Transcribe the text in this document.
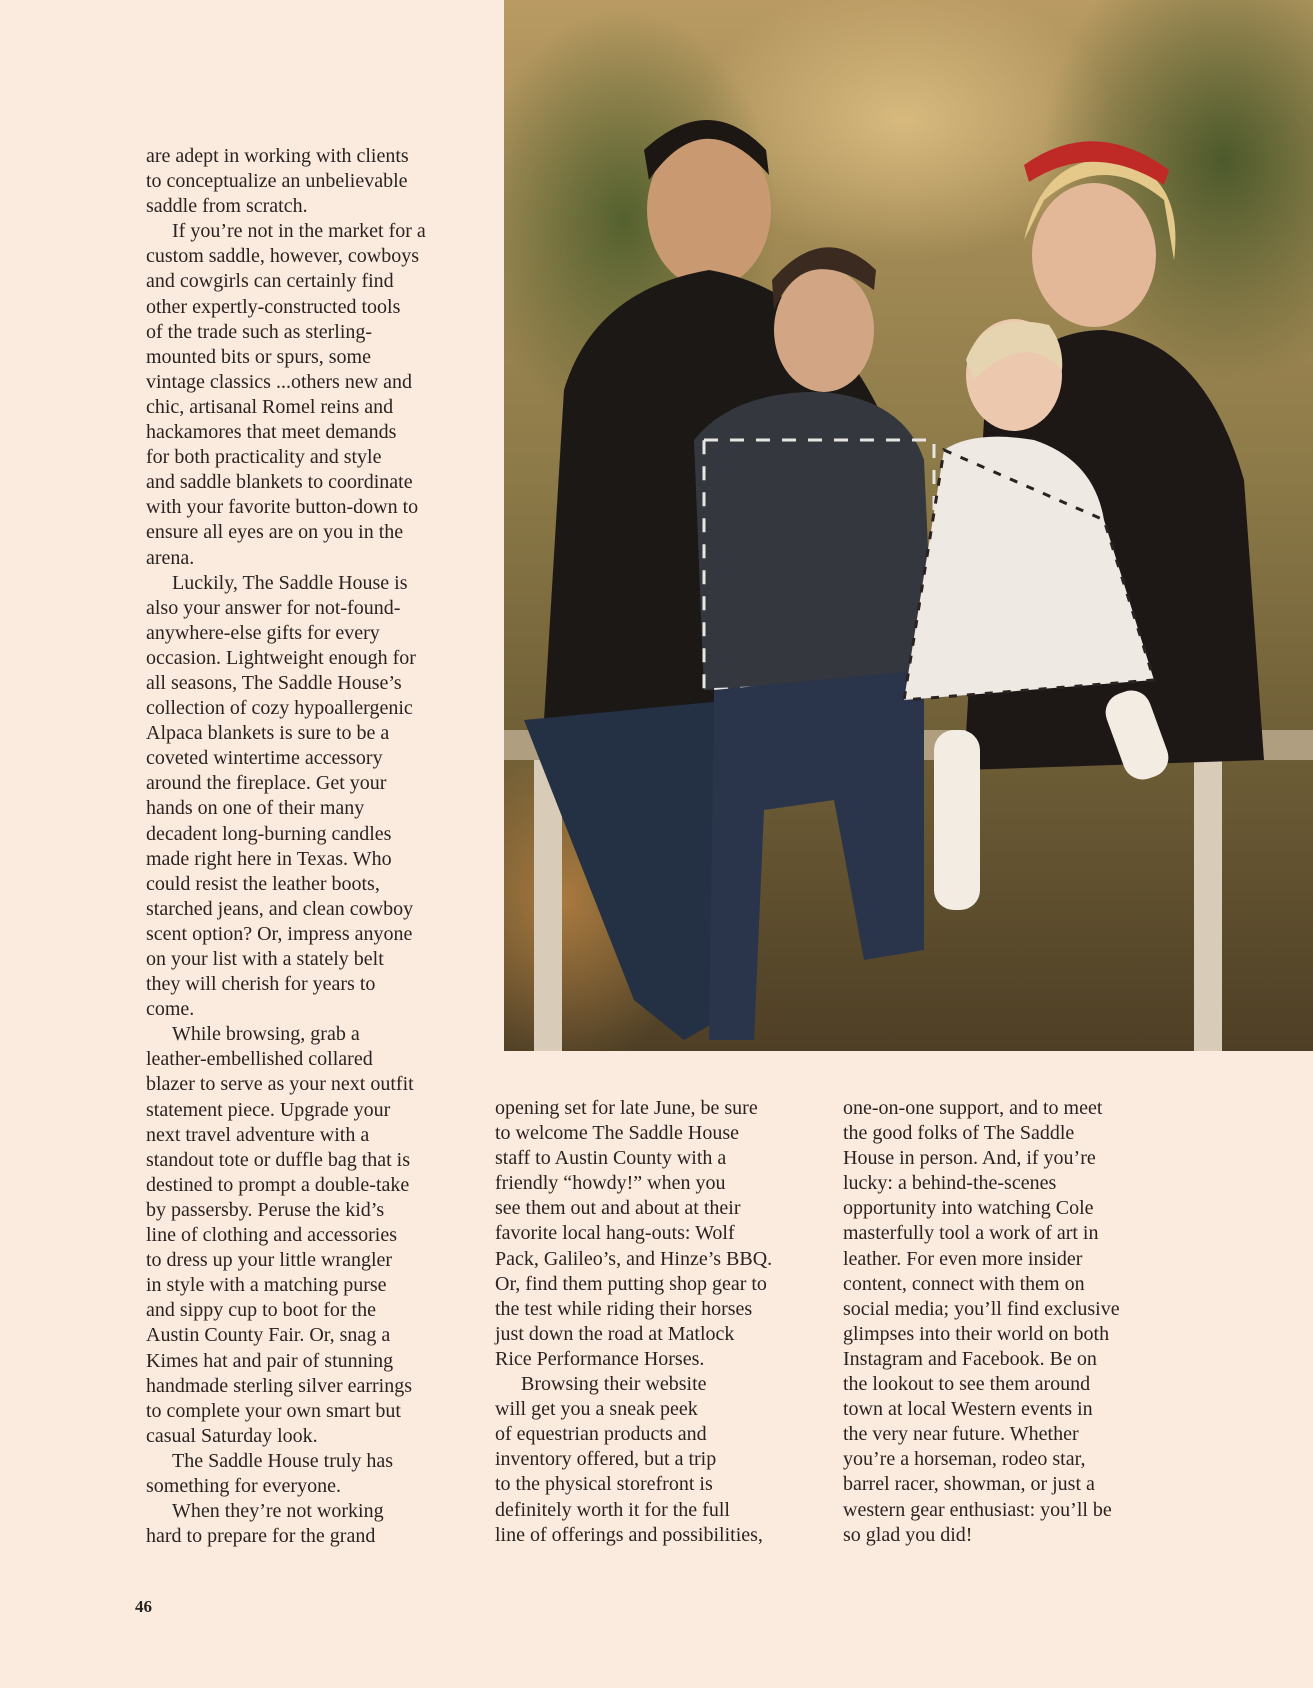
are adept in working with clients
to conceptualize an unbelievable
saddle from scratch.
If you’re not in the market for a
custom saddle, however, cowboys
and cowgirls can certainly find
other expertly-constructed tools
of the trade such as sterling-
mounted bits or spurs, some
vintage classics ...others new and
chic, artisanal Romel reins and
hackamores that meet demands
for both practicality and style
and saddle blankets to coordinate
with your favorite button-down to
ensure all eyes are on you in the
arena.
Luckily, The Saddle House is
also your answer for not-found-
anywhere-else gifts for every
occasion. Lightweight enough for
all seasons, The Saddle House’s
collection of cozy hypoallergenic
Alpaca blankets is sure to be a
coveted wintertime accessory
around the fireplace. Get your
hands on one of their many
decadent long-burning candles
made right here in Texas. Who
could resist the leather boots,
starched jeans, and clean cowboy
scent option? Or, impress anyone
on your list with a stately belt
they will cherish for years to
come.
While browsing, grab a
leather-embellished collared
blazer to serve as your next outfit
statement piece. Upgrade your
next travel adventure with a
standout tote or duffle bag that is
destined to prompt a double-take
by passersby. Peruse the kid’s
line of clothing and accessories
to dress up your little wrangler
in style with a matching purse
and sippy cup to boot for the
Austin County Fair. Or, snag a
Kimes hat and pair of stunning
handmade sterling silver earrings
to complete your own smart but
casual Saturday look.
The Saddle House truly has
something for everyone.
When they’re not working
hard to prepare for the grand
opening set for late June, be sure
to welcome The Saddle House
staff to Austin County with a
friendly “howdy!” when you
see them out and about at their
favorite local hang-outs: Wolf
Pack, Galileo’s, and Hinze’s BBQ.
Or, find them putting shop gear to
the test while riding their horses
just down the road at Matlock
Rice Performance Horses.
Browsing their website
will get you a sneak peek
of equestrian products and
inventory offered, but a trip
to the physical storefront is
definitely worth it for the full
line of offerings and possibilities,
one-on-one support, and to meet
the good folks of The Saddle
House in person. And, if you’re
lucky: a behind-the-scenes
opportunity into watching Cole
masterfully tool a work of art in
leather. For even more insider
content, connect with them on
social media; you’ll find exclusive
glimpses into their world on both
Instagram and Facebook. Be on
the lookout to see them around
town at local Western events in
the very near future. Whether
you’re a horseman, rodeo star,
barrel racer, showman, or just a
western gear enthusiast: you’ll be
so glad you did!
46
